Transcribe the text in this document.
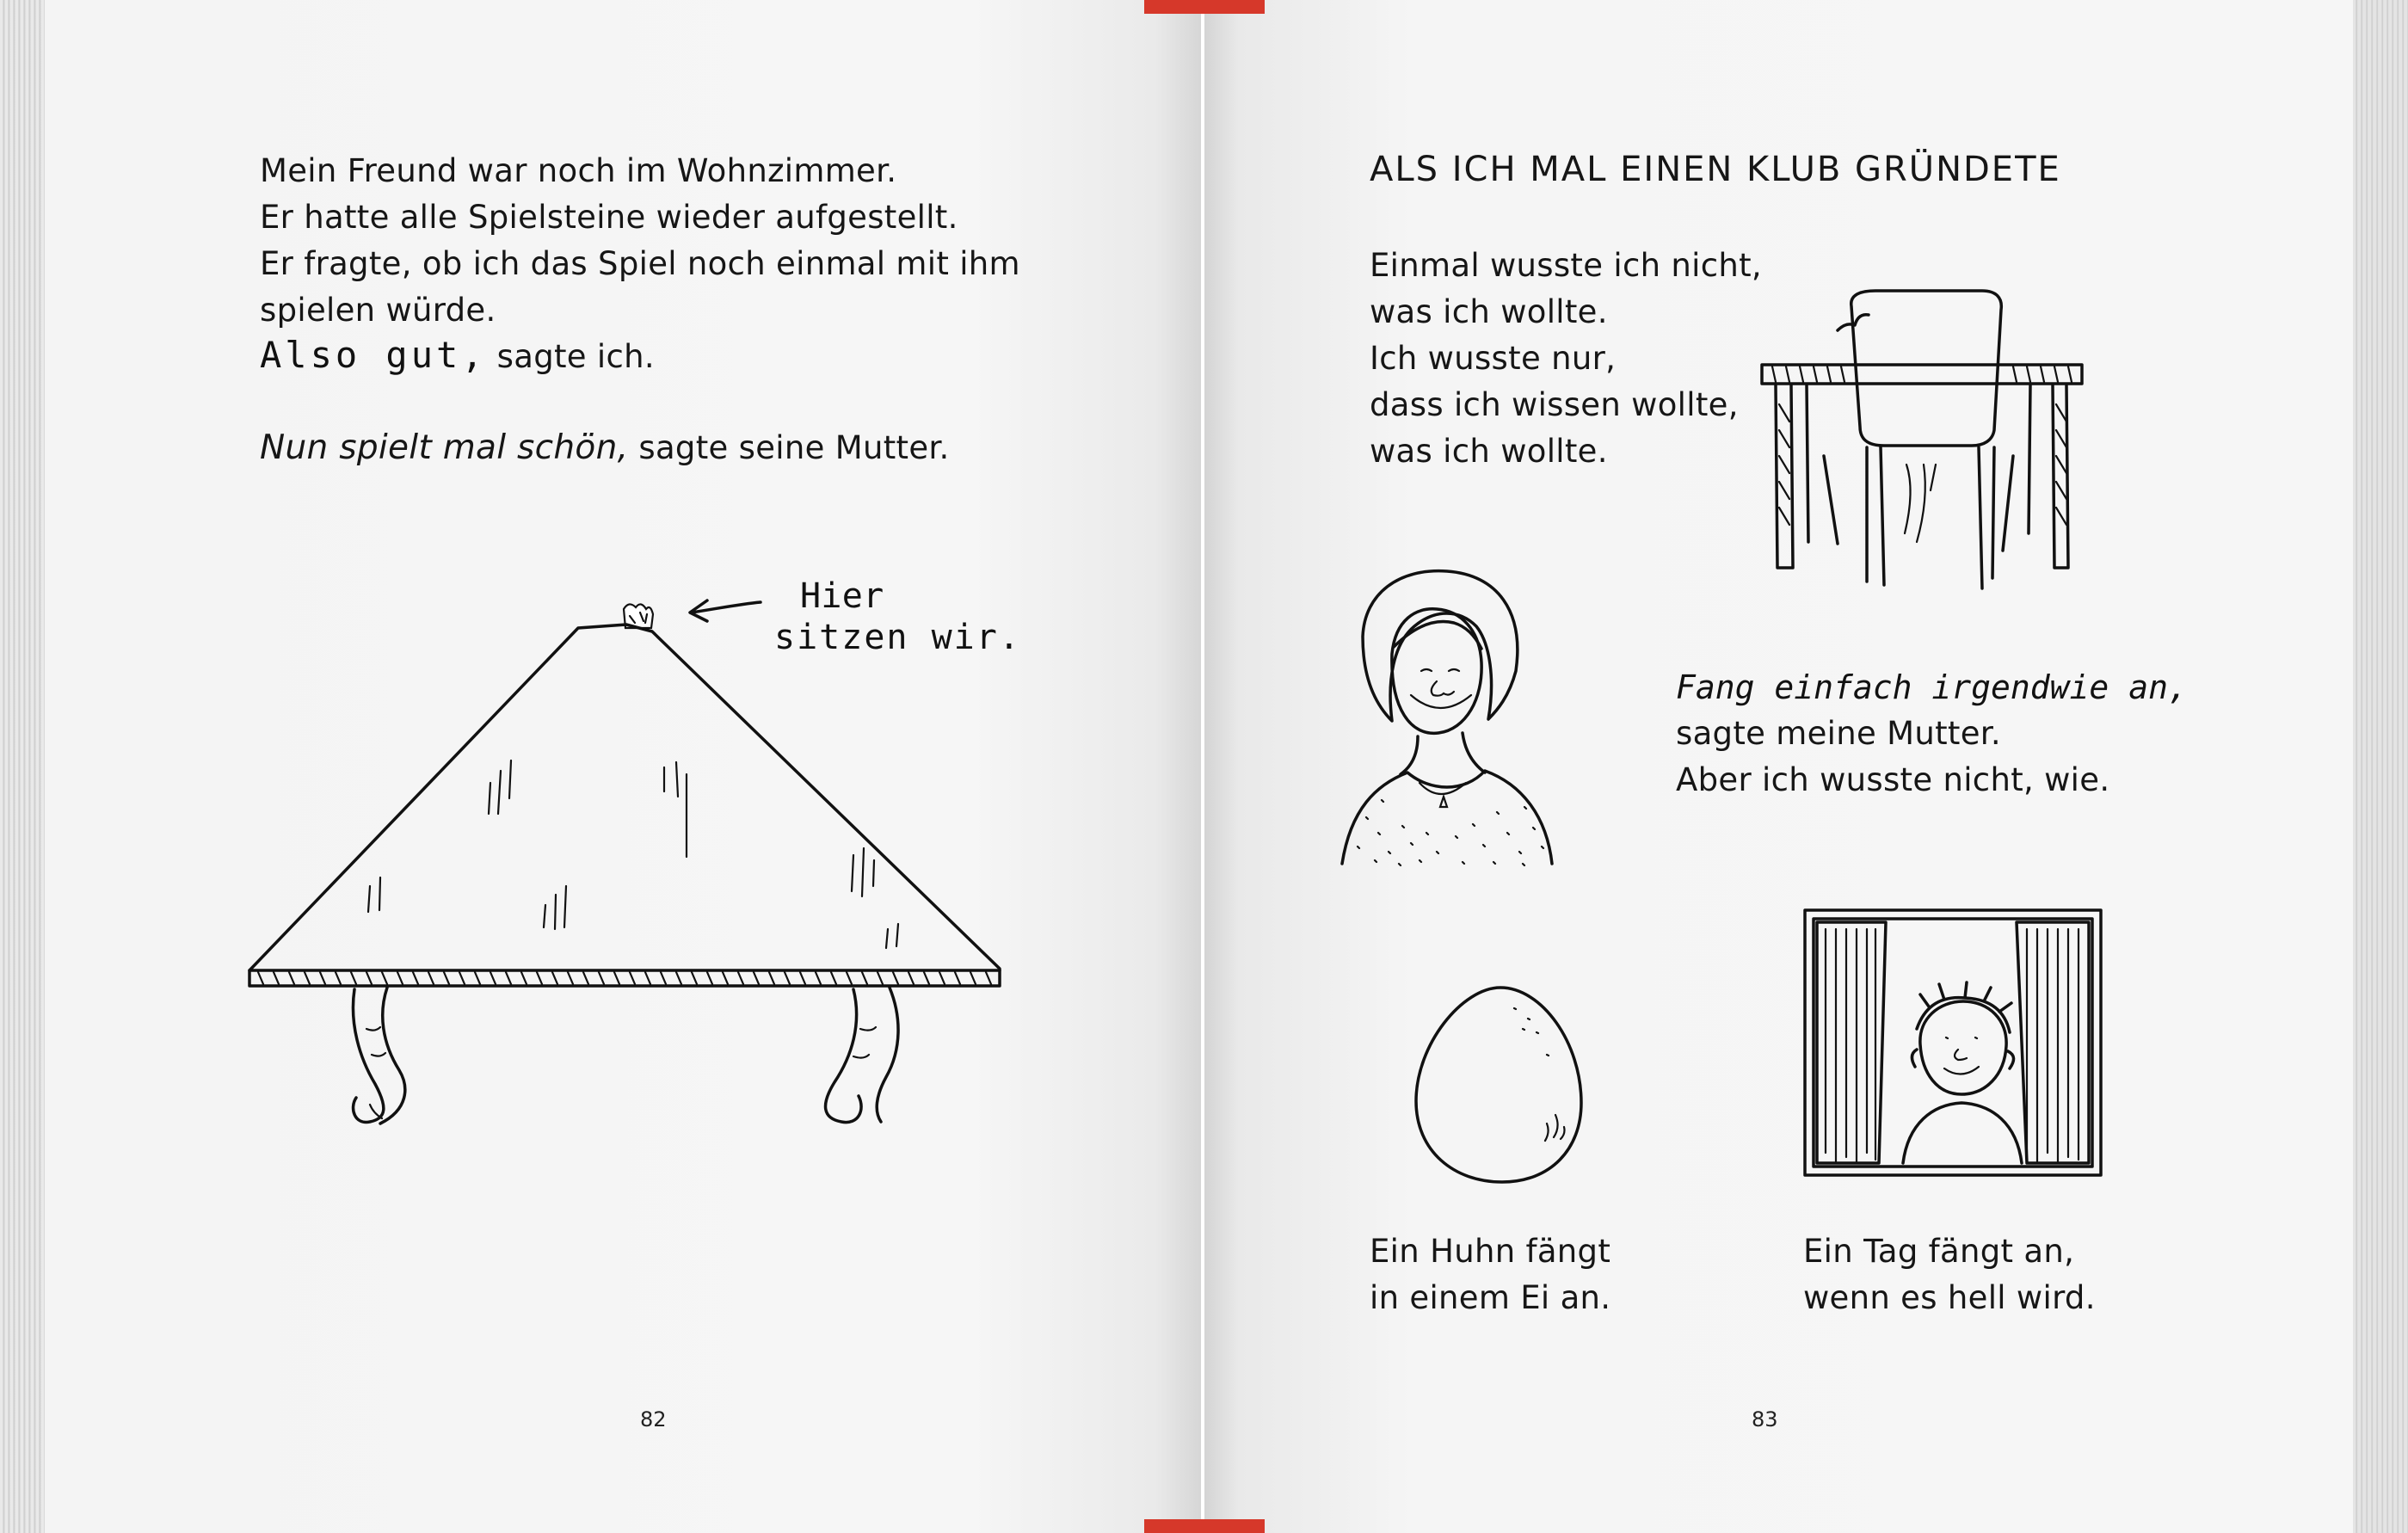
Mein Freund war noch im Wohnzimmer.

Er hatte alle Spielsteine wieder aufgestellt.

Er fragte, ob ich das Spiel noch einmal mit ihm

spielen würde.

Also gut, sagte ich.

Nun spielt mal schön, sagte seine Mutter.

Hier

sitzen wir.

82
ALS ICH MAL EINEN KLUB GRÜNDETE

Einmal wusste ich nicht,

was ich wollte.

Ich wusste nur,

dass ich wissen wollte,

was ich wollte.

Fang einfach irgendwie an,

sagte meine Mutter.

Aber ich wusste nicht, wie.

Ein Huhn fängt

in einem Ei an.

Ein Tag fängt an,

wenn es hell wird.

83
